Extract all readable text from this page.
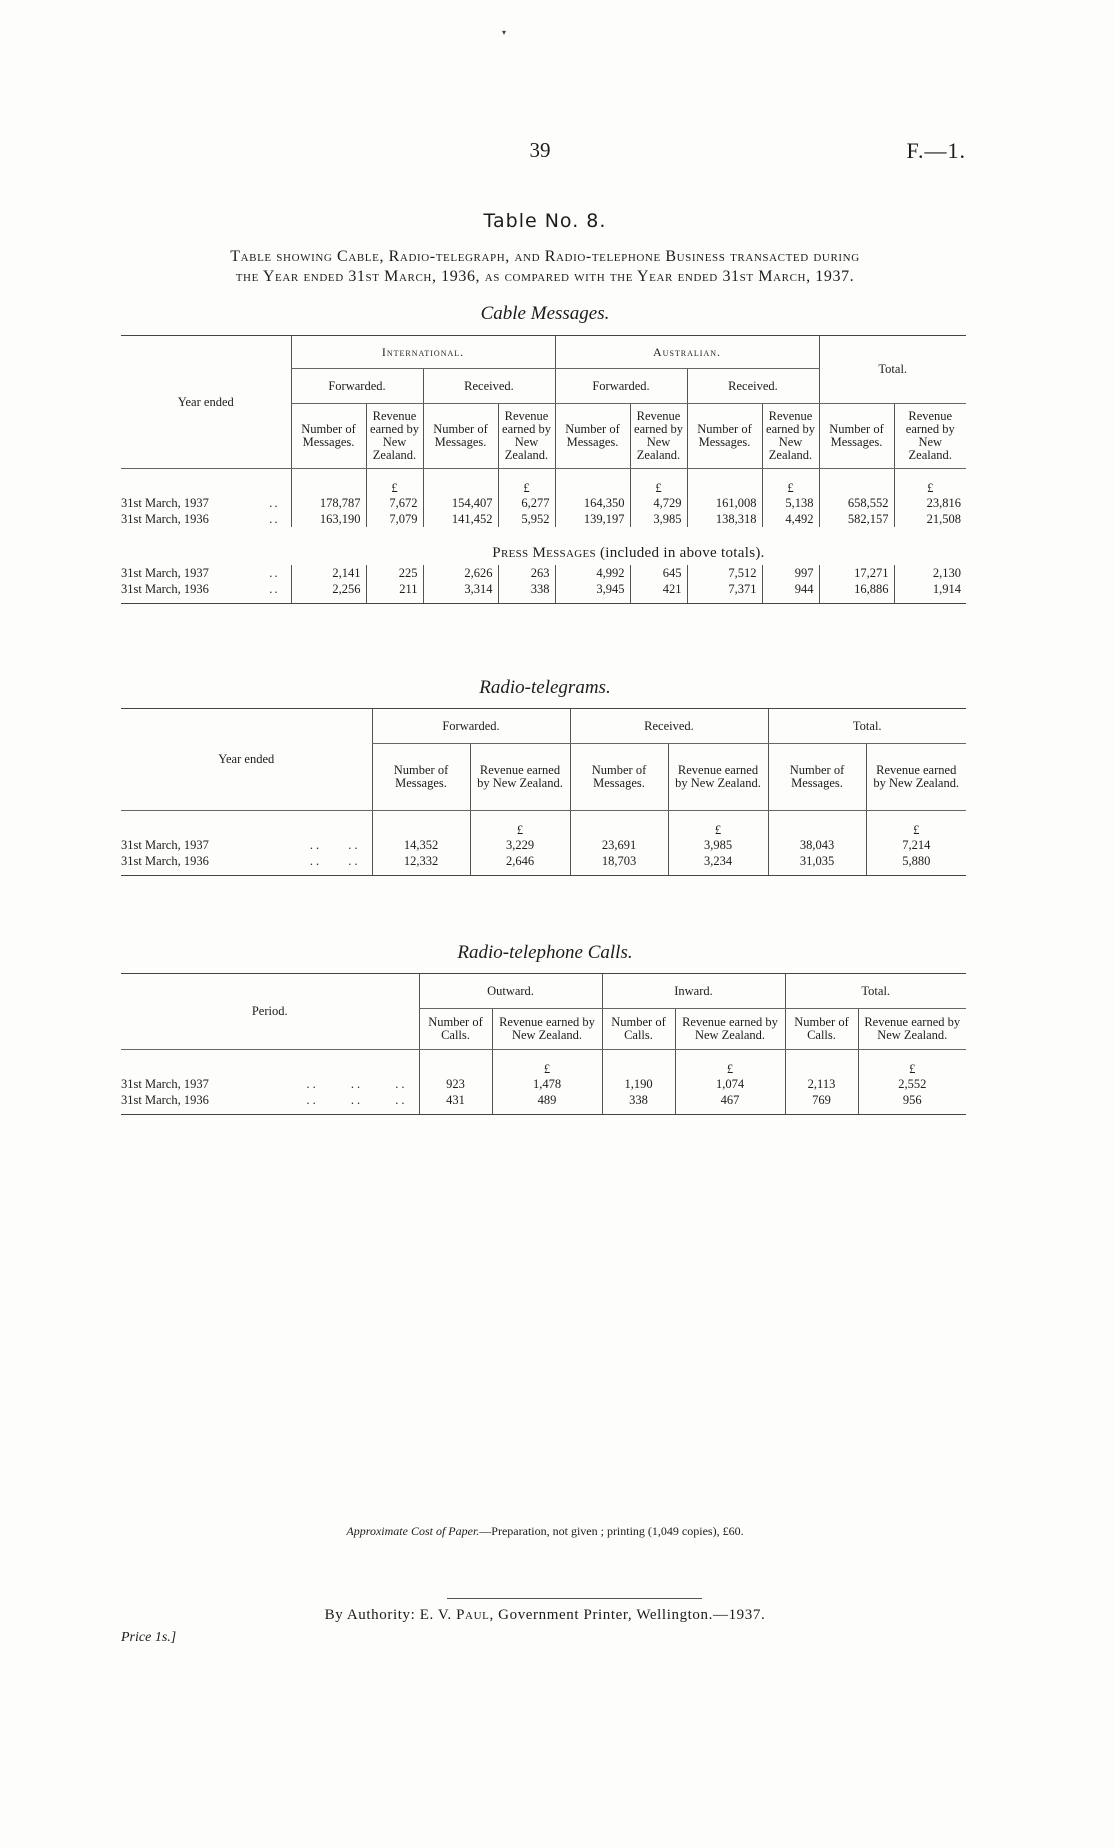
▾
39	F.—1.
Table No. 8.
Table showing Cable, Radio-telegraph, and Radio-telephone Business transacted during
the Year ended 31st March, 1936, as compared with the Year ended 31st March, 1937.
Cable Messages.
Year ended	International.				Australian.				Total.	
	Forwarded.		Received.		Forwarded.		Received.			
	Number of Messages.	Revenue earned by New Zealand.	Number of Messages.	Revenue earned by New Zealand.	Number of Messages.	Revenue earned by New Zealand.	Number of Messages.	Revenue earned by New Zealand.	Number of Messages.	Revenue earned by New Zealand.
		£		£		£		£		£
31st March, 1937 ..	178,787	7,672	154,407	6,277	164,350	4,729	161,008	5,138	658,552	23,816
31st March, 1936 ..	163,190	7,079	141,452	5,952	139,197	3,985	138,318	4,492	582,157	21,508
	Press Messages (included in above totals).									
31st March, 1937 ..	2,141	225	2,626	263	4,992	645	7,512	997	17,271	2,130
31st March, 1936 ..	2,256	211	3,314	338	3,945	421	7,371	944	16,886	1,914
Radio-telegrams.
Year ended	Forwarded.		Received.		Total.	
	Number of Messages.	Revenue earned by New Zealand.	Number of Messages.	Revenue earned by New Zealand.	Number of Messages.	Revenue earned by New Zealand.
		£		£		£
31st March, 1937 .. ..	14,352	3,229	23,691	3,985	38,043	7,214
31st March, 1936 .. ..	12,332	2,646	18,703	3,234	31,035	5,880
Radio-telephone Calls.
Period.	Outward.		Inward.		Total.	
	Number of Calls.	Revenue earned by New Zealand.	Number of Calls.	Revenue earned by New Zealand.	Number of Calls.	Revenue earned by New Zealand.
		£		£		£
31st March, 1937 .. .. ..	923	1,478	1,190	1,074	2,113	2,552
31st March, 1936 .. .. ..	431	489	338	467	769	956
Approximate Cost of Paper.—Preparation, not given ; printing (1,049 copies), £60.
By Authority: E. V. Paul, Government Printer, Wellington.—1937.
Price 1s.]
